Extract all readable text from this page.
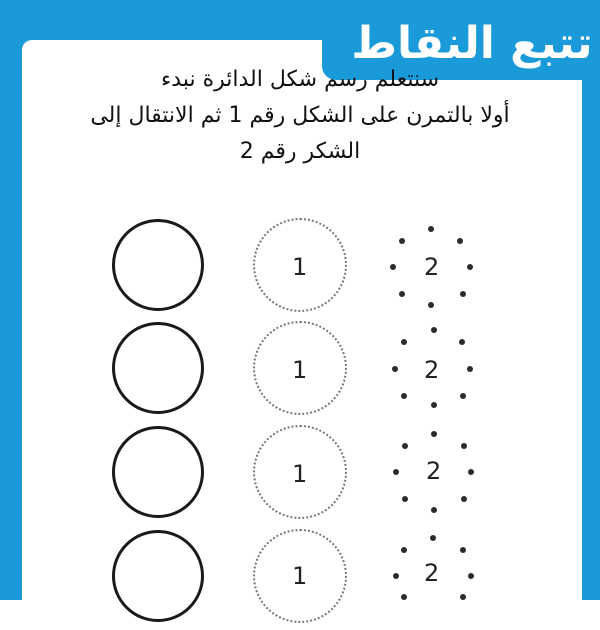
تتبع النقاط
سنتعلم رسم شكل الدائرة نبدء
أولا بالتمرن على الشكل رقم 1 ثم الانتقال إلى
الشكر رقم 2
1	2
1	2
1	2
1	2
